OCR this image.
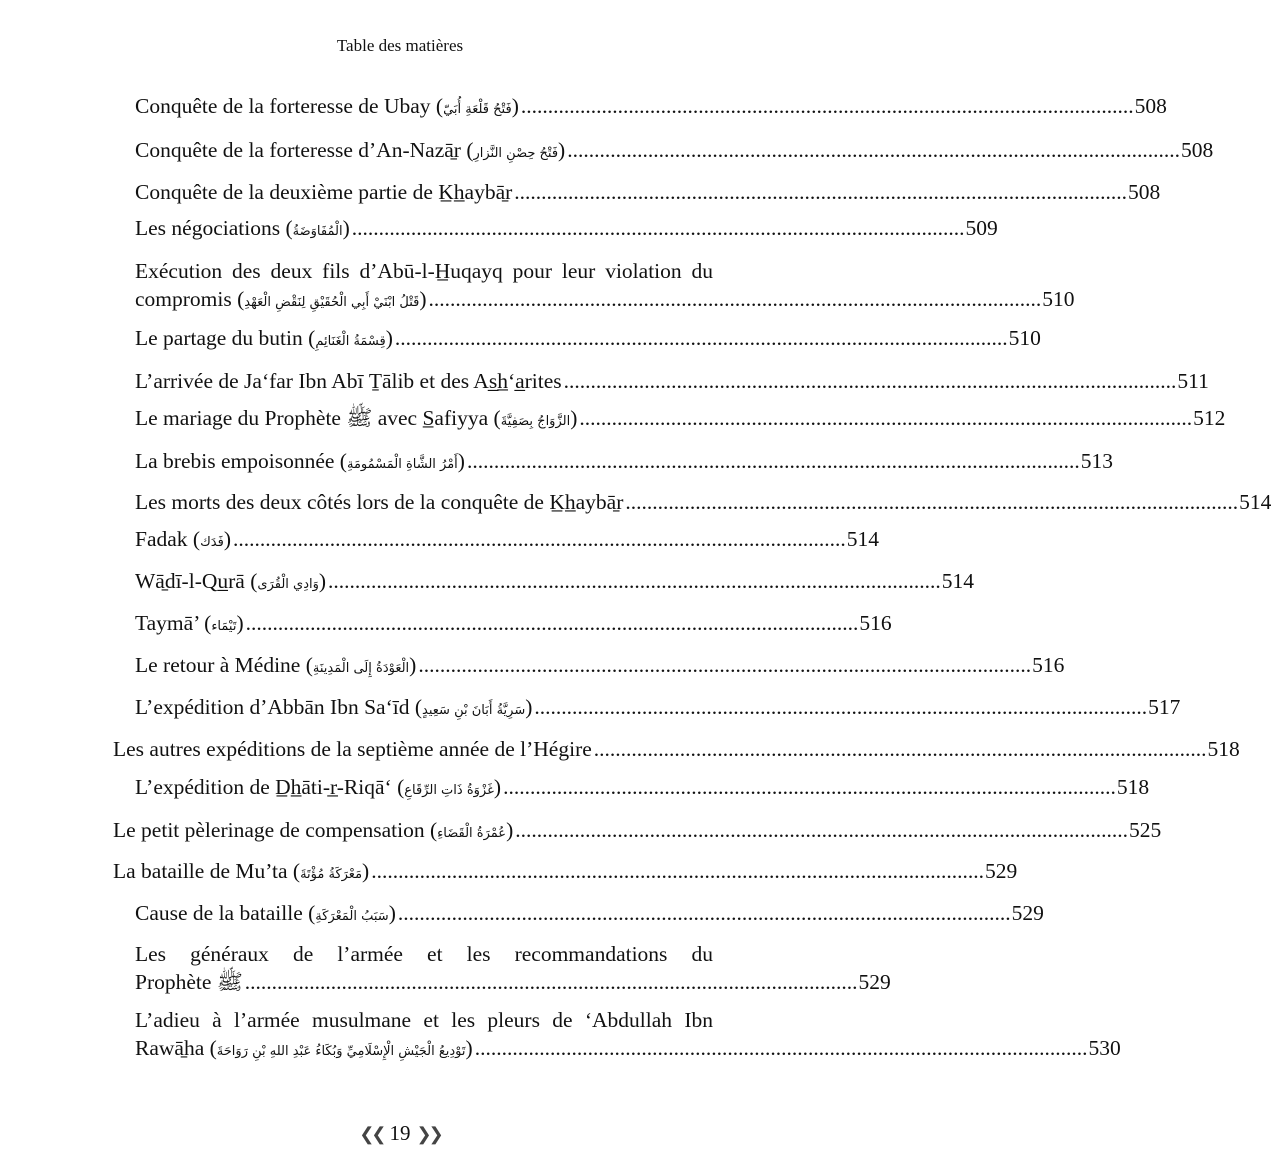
Table des matières
Conquête de la forteresse de Ubay (فَتْحُ قَلْعَةِ أُبَيّ) .................................................................................................................. 508
Conquête de la forteresse d’An-Nazā̱r (فَتْحُ حِصْنِ النَّزارِ) .................................................................................................................. 508
Conquête de la deuxième partie de K̲h̲aybā̱r .................................................................................................................. 508
Les négociations (الْمُفَاوَضَةُ) .................................................................................................................. 509
Exécution des deux fils d’Abū-l-H̲uqayq pour leur violation du
compromis (قَتْلُ ابْنَيْ أَبِي الْحُقَيْقِ لِنَقْضِ الْعَهْدِ) .................................................................................................................. 510
Le partage du butin (قِسْمَةُ الْغَنَائِمِ) .................................................................................................................. 510
L’arrivée de Ja‘far Ibn Abī Ṯālib et des As̲h̲‘a̲rites .................................................................................................................. 511
Le mariage du Prophète ﷺ avec S̲afiyya (الزَّوَاجُ بِصَفِيَّةَ) .................................................................................................................. 512
La brebis empoisonnée (أَمْرُ الشَّاةِ الْمَسْمُومَةِ) .................................................................................................................. 513
Les morts des deux côtés lors de la conquête de K̲h̲aybā̱r .................................................................................................................. 514
Fadak (فَدَك) .................................................................................................................. 514
Wā̱dī-l-Qu̲rā (وَادِي الْقُرَى) .................................................................................................................. 514
Taymā’ (تَيْمَاء) .................................................................................................................. 516
Le retour à Médine (الْعَوْدَةُ إِلَى الْمَدِينَةِ) .................................................................................................................. 516
L’expédition d’Abbān Ibn Sa‘īd (سَرِيَّةُ أَبَانَ بْنِ سَعِيدٍ) .................................................................................................................. 517
Les autres expéditions de la septième année de l’Hégire .................................................................................................................. 518
L’expédition de D̲h̲āti-r̲-Riqā‘ (غَزْوَةُ ذَاتِ الرِّقَاعِ) .................................................................................................................. 518
Le petit pèlerinage de compensation (عُمْرَةُ الْقَضَاءِ) .................................................................................................................. 525
La bataille de Mu’ta (مَعْرَكَةُ مُؤْتَةَ) .................................................................................................................. 529
Cause de la bataille (سَبَبُ الْمَعْرَكَةِ) .................................................................................................................. 529
Les généraux de l’armée et les recommandations du
Prophète ﷺ .................................................................................................................. 529
L’adieu à l’armée musulmane et les pleurs de ‘Abdullah Ibn
Rawā̱ha (تَوْدِيعُ الْجَيْشِ الْإِسْلَامِيِّ وَبُكَاءُ عَبْدِ اللهِ بْنِ رَوَاحَةَ) .................................................................................................................. 530
❮❮ 19 ❯❯
